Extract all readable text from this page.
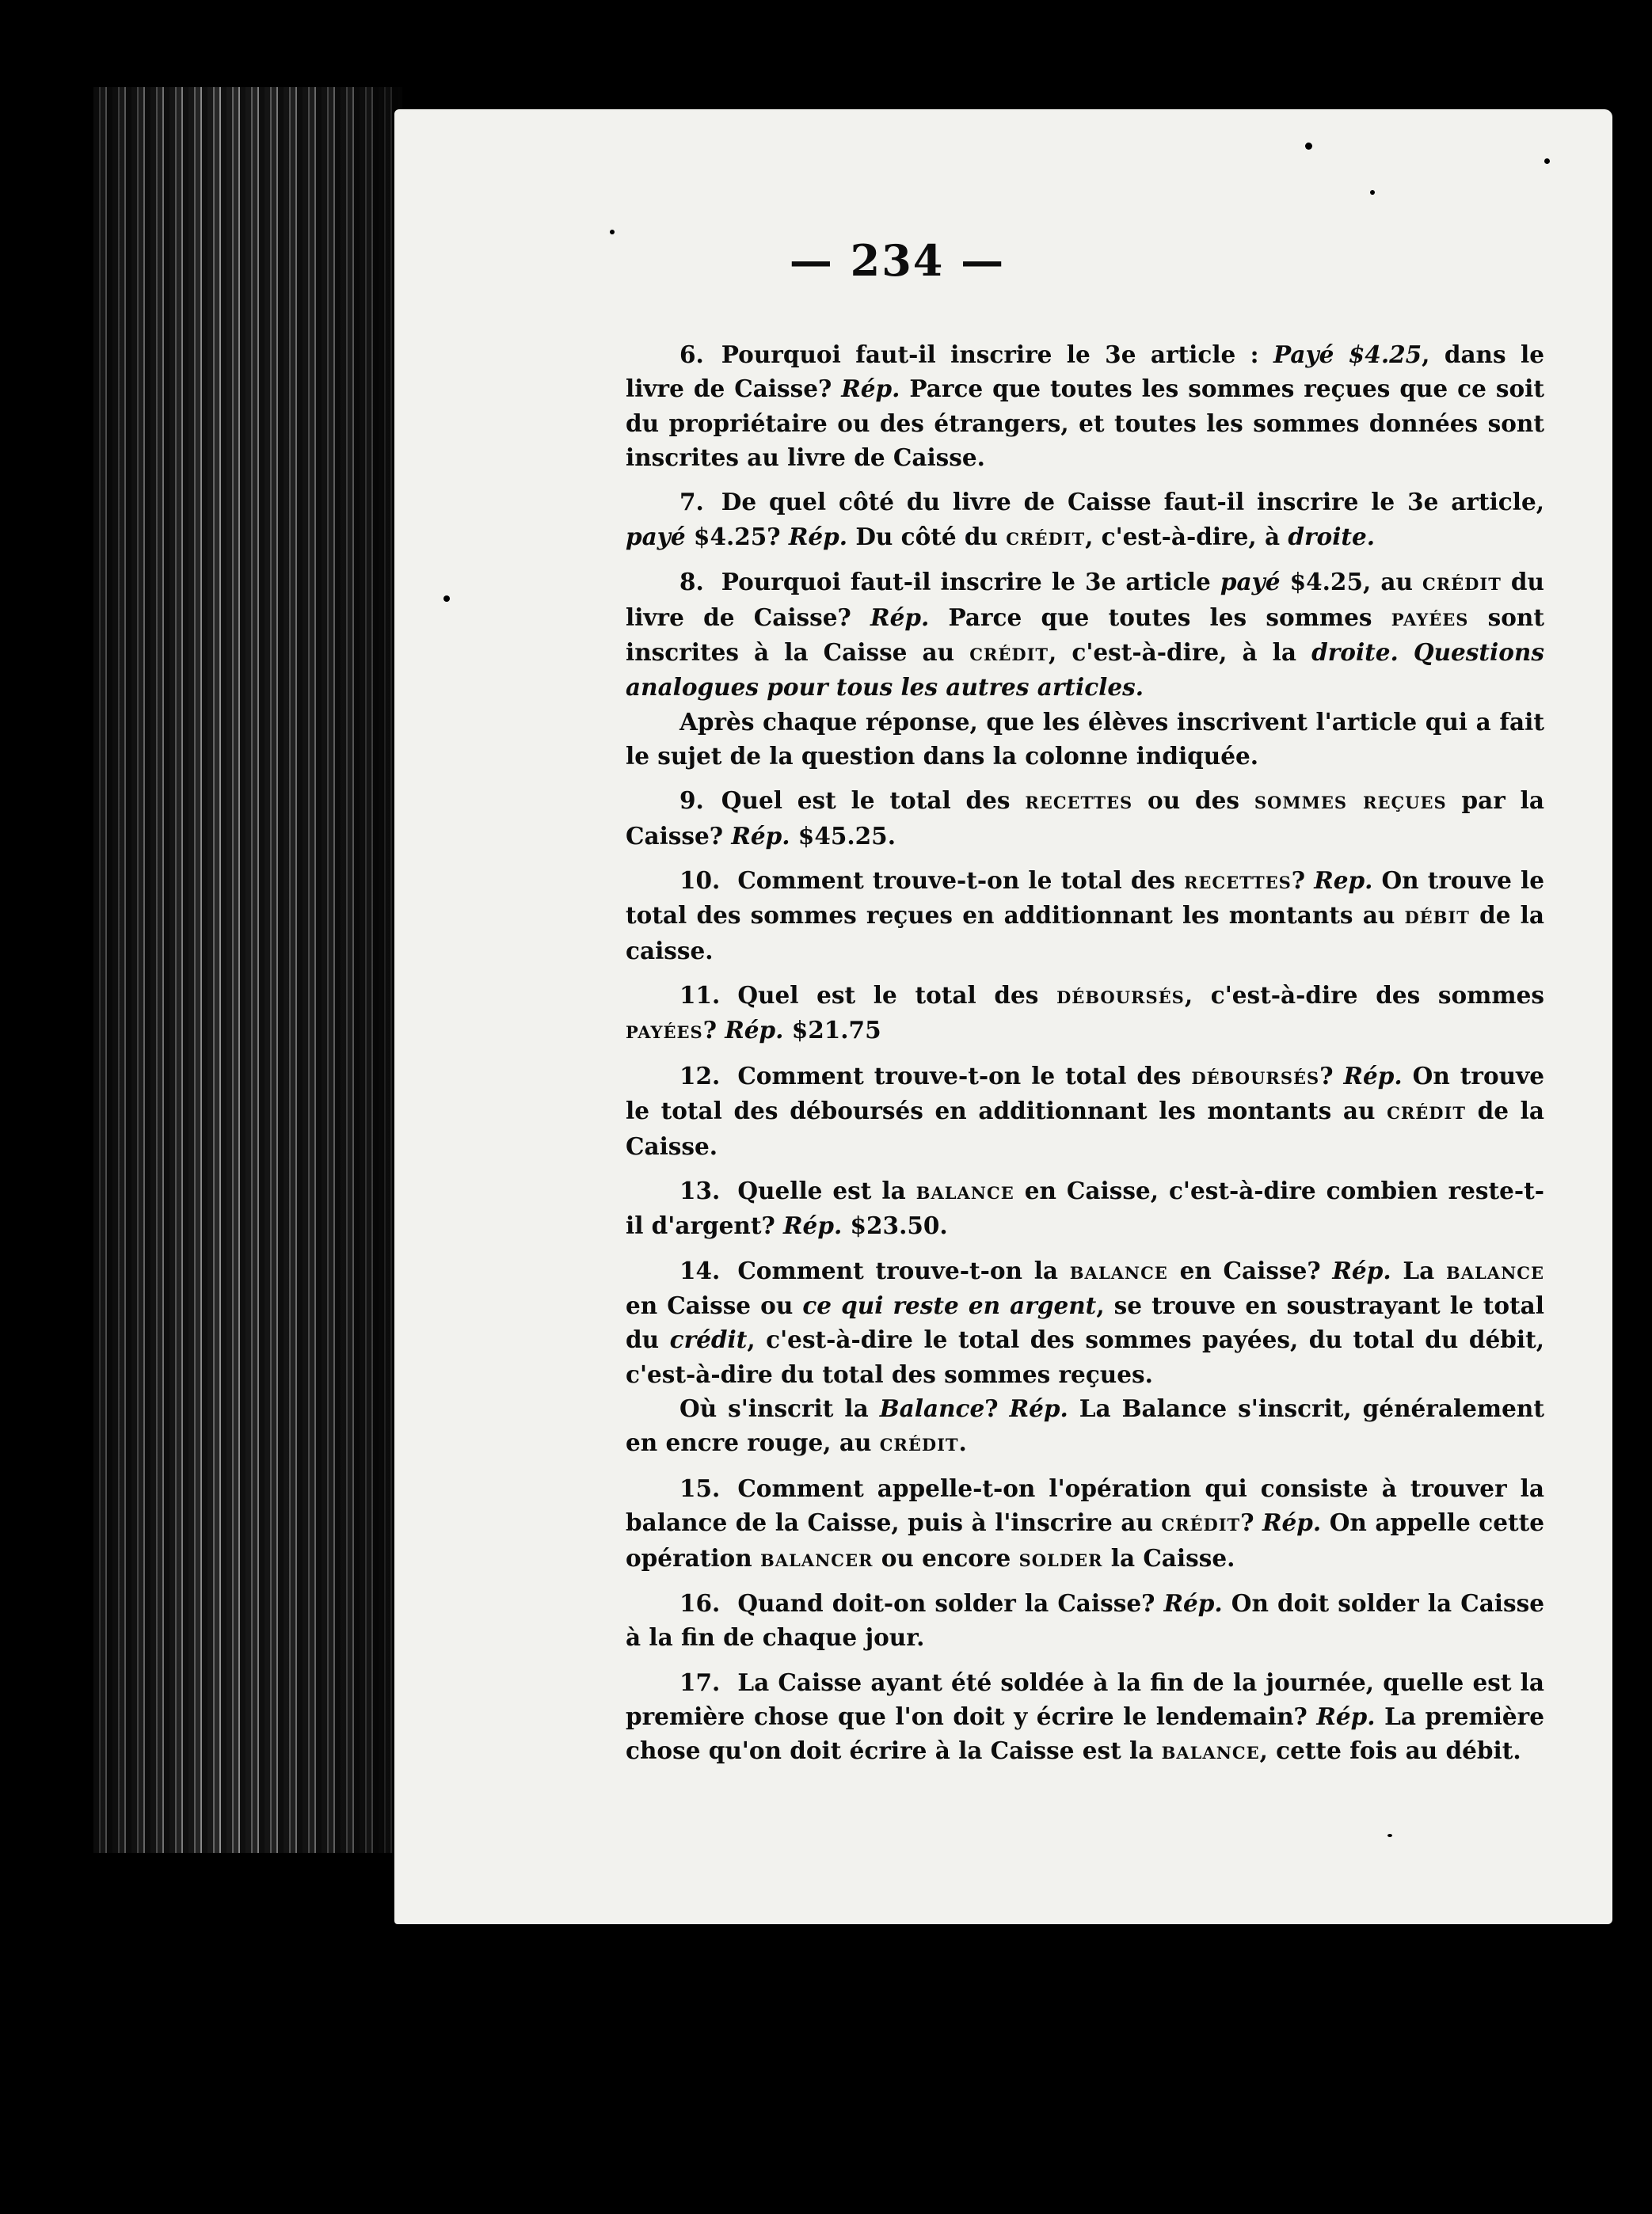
— 234 —

6. Pourquoi faut-il inscrire le 3e article : Payé $4.25, dans le livre de Caisse? Rép. Parce que toutes les sommes reçues que ce soit du propriétaire ou des étrangers, et toutes les sommes données sont inscrites au livre de Caisse.

7. De quel côté du livre de Caisse faut-il inscrire le 3e article, payé $4.25? Rép. Du côté du crédit, c'est-à-dire, à droite.

8. Pourquoi faut-il inscrire le 3e article payé $4.25, au crédit du livre de Caisse? Rép. Parce que toutes les sommes payées sont inscrites à la Caisse au crédit, c'est-à-dire, à la droite. Questions analogues pour tous les autres articles.

Après chaque réponse, que les élèves inscrivent l'article qui a fait le sujet de la question dans la colonne indiquée.

9. Quel est le total des recettes ou des sommes reçues par la Caisse? Rép. $45.25.

10. Comment trouve-t-on le total des recettes? Rep. On trouve le total des sommes reçues en additionnant les montants au débit de la caisse.

11. Quel est le total des déboursés, c'est-à-dire des sommes payées? Rép. $21.75

12. Comment trouve-t-on le total des déboursés? Rép. On trouve le total des déboursés en additionnant les montants au crédit de la Caisse.

13. Quelle est la balance en Caisse, c'est-à-dire combien reste-t-il d'argent? Rép. $23.50.

14. Comment trouve-t-on la balance en Caisse? Rép. La balance en Caisse ou ce qui reste en argent, se trouve en soustrayant le total du crédit, c'est-à-dire le total des sommes payées, du total du débit, c'est-à-dire du total des sommes reçues.

Où s'inscrit la Balance? Rép. La Balance s'inscrit, généralement en encre rouge, au crédit.

15. Comment appelle-t-on l'opération qui consiste à trouver la balance de la Caisse, puis à l'inscrire au crédit? Rép. On appelle cette opération balancer ou encore solder la Caisse.

16. Quand doit-on solder la Caisse? Rép. On doit solder la Caisse à la fin de chaque jour.

17. La Caisse ayant été soldée à la fin de la journée, quelle est la première chose que l'on doit y écrire le lendemain? Rép. La première chose qu'on doit écrire à la Caisse est la balance, cette fois au débit.
